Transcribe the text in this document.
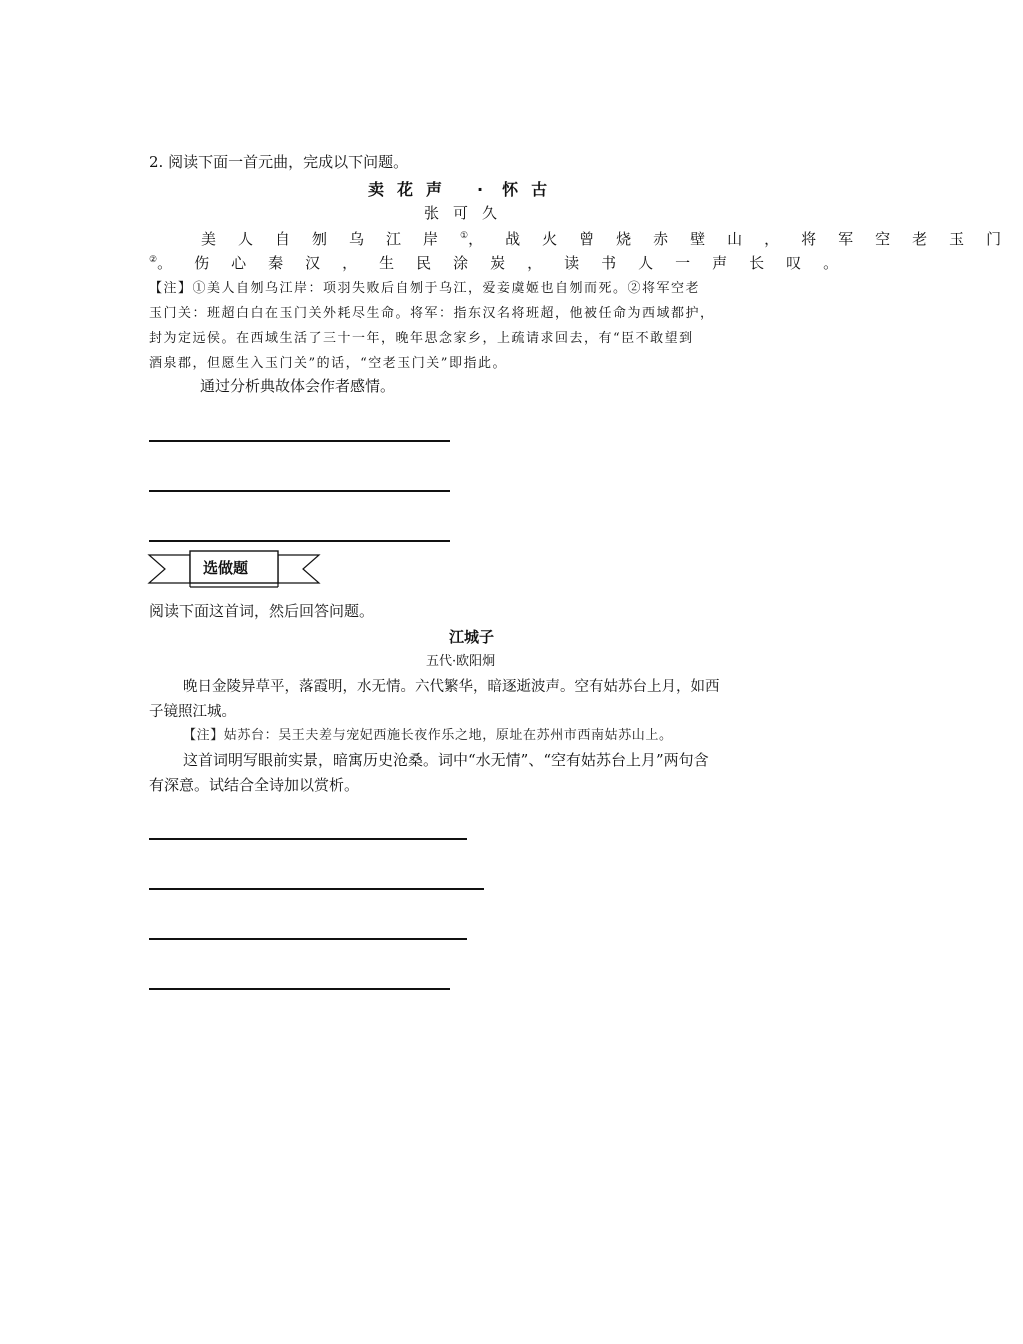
2. 阅读下面一首元曲，完成以下问题。
卖花声 · 怀古
张可久
美人自刎乌江岸①，战火曾烧赤壁山，将军空老玉门
②。伤心秦汉，生民涂炭，读书人一声长叹。
【注】①美人自刎乌江岸：项羽失败后自刎于乌江，爱妾虞姬也自刎而死。②将军空老
玉门关：班超白白在玉门关外耗尽生命。将军：指东汉名将班超，他被任命为西域都护，
封为定远侯。在西域生活了三十一年，晚年思念家乡，上疏请求回去，有“臣不敢望到
酒泉郡，但愿生入玉门关”的话，“空老玉门关”即指此。
通过分析典故体会作者感情。
选做题
阅读下面这首词，然后回答问题。
江城子
五代·欧阳炯
晚日金陵异草平，落霞明，水无情。六代繁华，暗逐逝波声。空有姑苏台上月，如西
子镜照江城。
【注】姑苏台：吴王夫差与宠妃西施长夜作乐之地，原址在苏州市西南姑苏山上。
这首词明写眼前实景，暗寓历史沧桑。词中“水无情”、“空有姑苏台上月”两句含
有深意。试结合全诗加以赏析。
